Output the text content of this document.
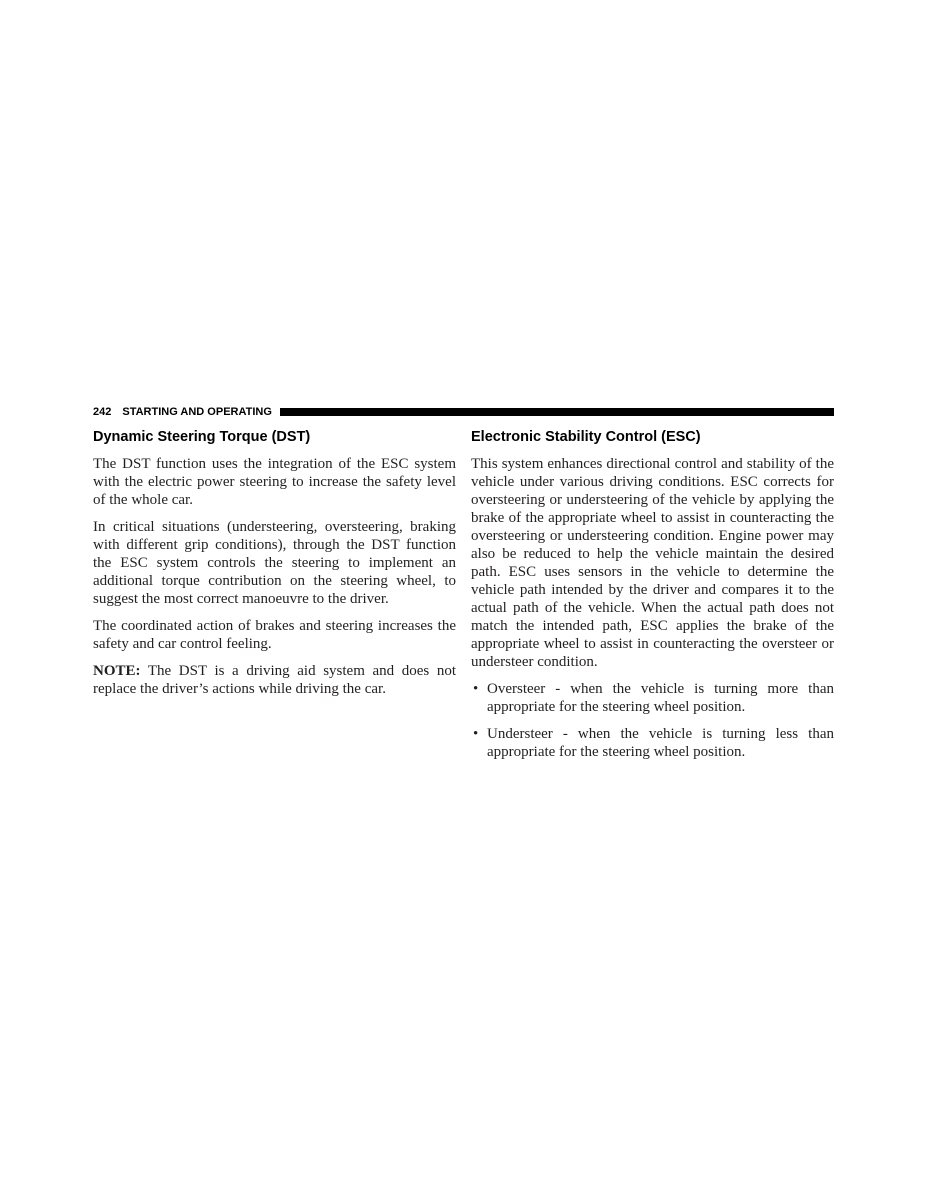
242 STARTING AND OPERATING
Dynamic Steering Torque (DST)

The DST function uses the integration of the ESC system with the electric power steering to increase the safety level of the whole car.

In critical situations (understeering, oversteering, braking with different grip conditions), through the DST function the ESC system controls the steering to implement an additional torque contribution on the steering wheel, to suggest the most correct manoeuvre to the driver.

The coordinated action of brakes and steering increases the safety and car control feeling.

NOTE: The DST is a driving aid system and does not replace the driver’s actions while driving the car.

Electronic Stability Control (ESC)

This system enhances directional control and stability of the vehicle under various driving conditions. ESC corrects for oversteering or understeering of the vehicle by applying the brake of the appropriate wheel to assist in counteracting the oversteering or understeering condition. Engine power may also be reduced to help the vehicle maintain the desired path. ESC uses sensors in the vehicle to determine the vehicle path intended by the driver and compares it to the actual path of the vehicle. When the actual path does not match the intended path, ESC applies the brake of the appropriate wheel to assist in counteracting the oversteer or understeer condition.

• Oversteer - when the vehicle is turning more than appropriate for the steering wheel position.
• Understeer - when the vehicle is turning less than appropriate for the steering wheel position.
